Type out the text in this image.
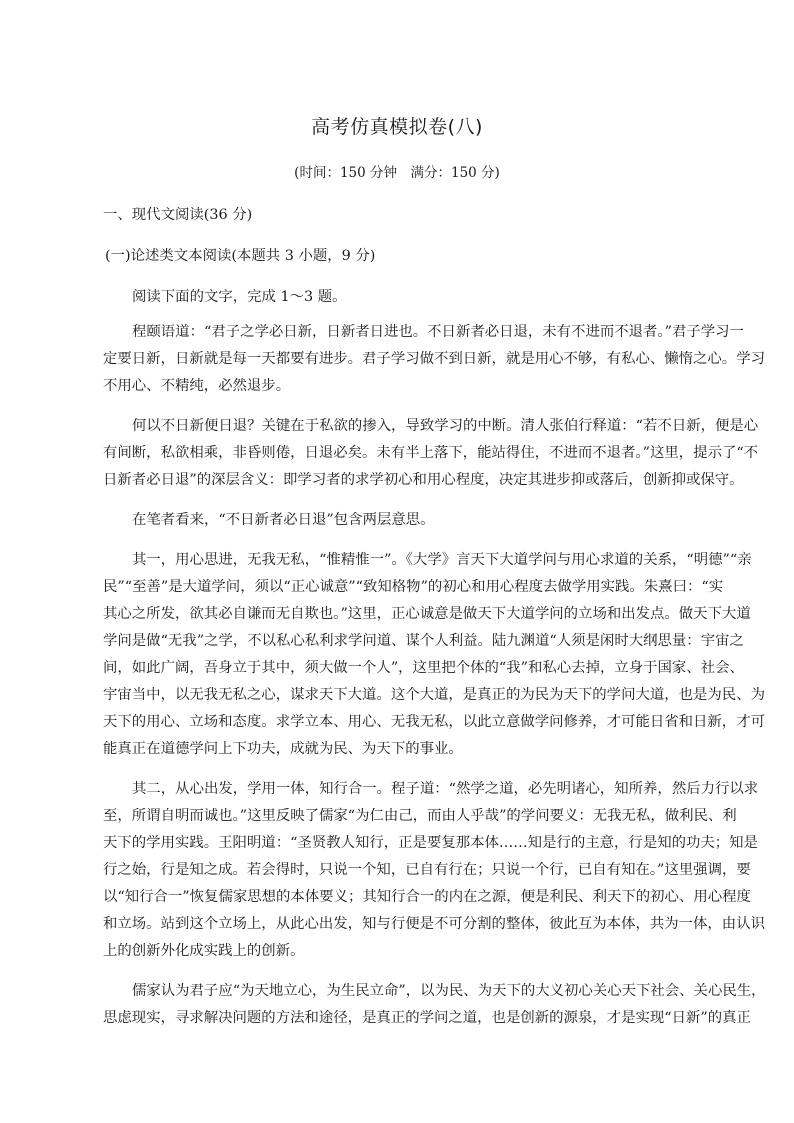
高考仿真模拟卷(八)
(时间：150 分钟　满分：150 分)
一、现代文阅读(36 分)
(一)论述类文本阅读(本题共 3 小题，9 分)
阅读下面的文字，完成 1～3 题。
程颐语道：“君子之学必日新，日新者日进也。不日新者必日退，未有不进而不退者。”君子学习一
定要日新，日新就是每一天都要有进步。君子学习做不到日新，就是用心不够，有私心、懒惰之心。学习
不用心、不精纯，必然退步。
何以不日新便日退？关键在于私欲的掺入，导致学习的中断。清人张伯行释道：“若不日新，便是心
有间断，私欲相乘，非昏则倦，日退必矣。未有半上落下，能站得住，不进而不退者。”这里，提示了“不
日新者必日退”的深层含义：即学习者的求学初心和用心程度，决定其进步抑或落后，创新抑或保守。
在笔者看来，“不日新者必日退”包含两层意思。
其一，用心思进，无我无私，“惟精惟一”。《大学》言天下大道学问与用心求道的关系，“明德”“亲
民”“至善”是大道学问，须以“正心诚意”“致知格物”的初心和用心程度去做学用实践。朱熹曰：“实
其心之所发，欲其必自谦而无自欺也。”这里，正心诚意是做天下大道学问的立场和出发点。做天下大道
学问是做“无我”之学，不以私心私利求学问道、谋个人利益。陆九渊道“人须是闲时大纲思量：宇宙之
间，如此广阔，吾身立于其中，须大做一个人”，这里把个体的“我”和私心去掉，立身于国家、社会、
宇宙当中，以无我无私之心，谋求天下大道。这个大道，是真正的为民为天下的学问大道，也是为民、为
天下的用心、立场和态度。求学立本、用心、无我无私，以此立意做学问修养，才可能日省和日新，才可
能真正在道德学问上下功夫，成就为民、为天下的事业。
其二，从心出发，学用一体，知行合一。程子道：“然学之道，必先明诸心，知所养，然后力行以求
至，所谓自明而诚也。”这里反映了儒家“为仁由己，而由人乎哉”的学问要义：无我无私，做利民、利
天下的学用实践。王阳明道：“圣贤教人知行，正是要复那本体……知是行的主意，行是知的功夫；知是
行之始，行是知之成。若会得时，只说一个知，已自有行在；只说一个行，已自有知在。”这里强调，要
以“知行合一”恢复儒家思想的本体要义；其知行合一的内在之源，便是利民、利天下的初心、用心程度
和立场。站到这个立场上，从此心出发，知与行便是不可分割的整体，彼此互为本体，共为一体，由认识
上的创新外化成实践上的创新。
儒家认为君子应“为天地立心，为生民立命”，以为民、为天下的大义初心关心天下社会、关心民生，
思虑现实，寻求解决问题的方法和途径，是真正的学问之道，也是创新的源泉，才是实现“日新”的真正
